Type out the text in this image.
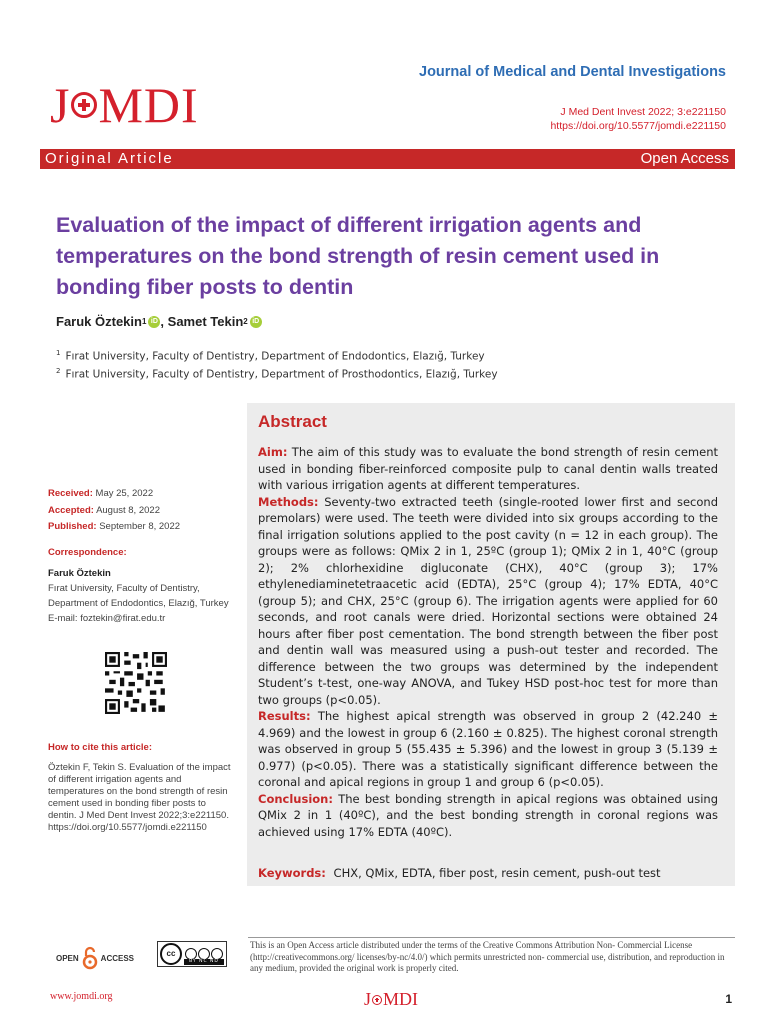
J MDI
Journal of Medical and Dental Investigations
J Med Dent Invest 2022; 3:e221150
https://doi.org/10.5577/jomdi.e221150
Original Article	Open Access
Evaluation of the impact of different irrigation agents and temperatures on the bond strength of resin cement used in bonding fiber posts to dentin
Faruk Öztekin 1 iD , Samet Tekin 2 iD
$^1$ Fırat University, Faculty of Dentistry, Department of Endodontics, Elazığ, Turkey
$^2$ Fırat University, Faculty of Dentistry, Department of Prosthodontics, Elazığ, Turkey
Received: May 25, 2022
Accepted: August 8, 2022
Published: September 8, 2022
Correspondence:
Faruk Öztekin
Fırat University, Faculty of Dentistry,
Department of Endodontics, Elazığ, Turkey
E-mail: foztekin@firat.edu.tr
How to cite this article:
Öztekin F, Tekin S. Evaluation of the impact of different irrigation agents and temperatures on the bond strength of resin cement used in bonding fiber posts to dentin. J Med Dent Invest 2022;3:e221150.
https://doi.org/10.5577/jomdi.e221150
Abstract

Aim: The aim of this study was to evaluate the bond strength of resin cement used in bonding fiber-reinforced composite pulp to canal dentin walls treated with various irrigation agents at different temperatures.

Methods: Seventy-two extracted teeth (single-rooted lower first and second premolars) were used. The teeth were divided into six groups according to the final irrigation solutions applied to the post cavity (n = 12 in each group). The groups were as follows: QMix 2 in 1, 25ºC (group 1); QMix 2 in 1, 40°C (group 2); 2% chlorhexidine digluconate (CHX), 40°C (group 3); 17% ethylenediaminetetraacetic acid (EDTA), 25°C (group 4); 17% EDTA, 40°C (group 5); and CHX, 25°C (group 6). The irrigation agents were applied for 60 seconds, and root canals were dried. Horizontal sections were obtained 24 hours after fiber post cementation. The bond strength between the fiber post and dentin wall was measured using a push-out tester and recorded. The difference between the two groups was determined by the independent Student’s t-test, one-way ANOVA, and Tukey HSD post-hoc test for more than two groups (p<0.05).

Results: The highest apical strength was observed in group 2 (42.240 ± 4.969) and the lowest in group 6 (2.160 ± 0.825). The highest coronal strength was observed in group 5 (55.435 ± 5.396) and the lowest in group 3 (5.139 ± 0.977) (p<0.05). There was a statistically significant difference between the coronal and apical regions in group 1 and group 6 (p<0.05).

Conclusion: The best bonding strength in apical regions was obtained using QMix 2 in 1 (40ºC), and the best bonding strength in coronal regions was achieved using 17% EDTA (40ºC).

Keywords: CHX, QMix, EDTA, fiber post, resin cement, push-out test
OPEN	ACCESS	cc
BY NC ND
This is an Open Access article distributed under the terms of the Creative Commons Attribution Non- Commercial License (http://creativecommons.org/ licenses/by-nc/4.0/) which permits unrestricted non- commercial use, distribution, and reproduction in any medium, provided the original work is properly cited.
www.jomdi.org	J MDI	1
